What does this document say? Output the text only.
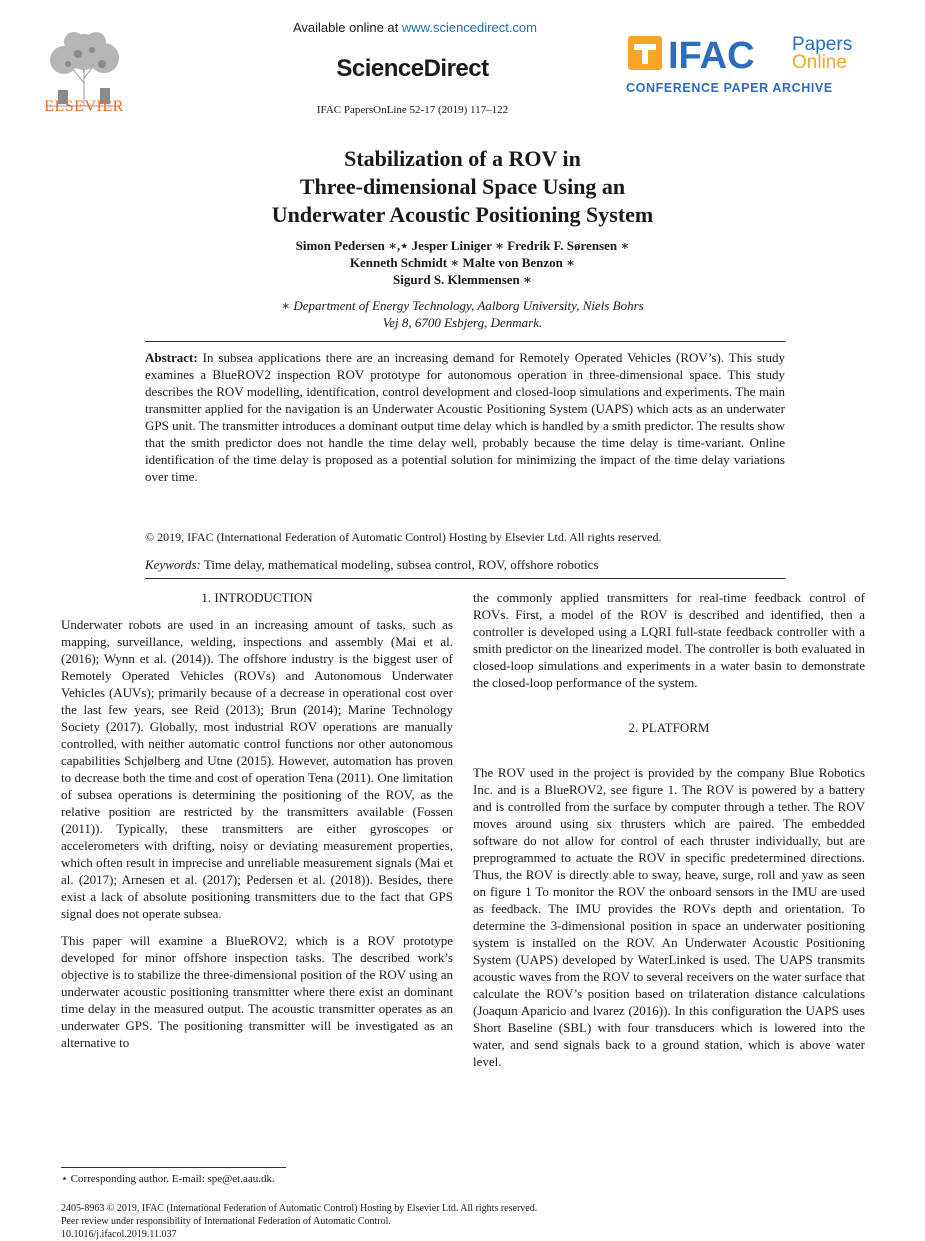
ELSEVIER
Available online at www.sciencedirect.com
ScienceDirect
IFAC PapersOnLine 52-17 (2019) 117–122
IFAC Papers
Online
CONFERENCE PAPER ARCHIVE
Stabilization of a ROV in
Three-dimensional Space Using an
Underwater Acoustic Positioning System
Simon Pedersen ∗,⋆ Jesper Liniger ∗ Fredrik F. Sørensen ∗
Kenneth Schmidt ∗ Malte von Benzon ∗
Sigurd S. Klemmensen ∗
∗ Department of Energy Technology, Aalborg University, Niels Bohrs
Vej 8, 6700 Esbjerg, Denmark.
Abstract: In subsea applications there are an increasing demand for Remotely Operated Vehicles (ROV’s). This study examines a BlueROV2 inspection ROV prototype for autonomous operation in three-dimensional space. This study describes the ROV modelling, identification, control development and closed-loop simulations and experiments. The main transmitter applied for the navigation is an Underwater Acoustic Positioning System (UAPS) which acts as an underwater GPS unit. The transmitter introduces a dominant output time delay which is handled by a smith predictor. The results show that the smith predictor does not handle the time delay well, probably because the time delay is time-variant. Online identification of the time delay is proposed as a potential solution for minimizing the impact of the time delay variations over time.
© 2019, IFAC (International Federation of Automatic Control) Hosting by Elsevier Ltd. All rights reserved.
Keywords: Time delay, mathematical modeling, subsea control, ROV, offshore robotics

1. INTRODUCTION

Underwater robots are used in an increasing amount of tasks, such as mapping, surveillance, welding, inspections and assembly (Mai et al. (2016); Wynn et al. (2014)). The offshore industry is the biggest user of Remotely Operated Vehicles (ROVs) and Autonomous Underwater Vehicles (AUVs); primarily because of a decrease in operational cost over the last few years, see Reid (2013); Brun (2014); Marine Technology Society (2017). Globally, most industrial ROV operations are manually controlled, with neither automatic control functions nor other autonomous capabilities Schjølberg and Utne (2015). However, automation has proven to decrease both the time and cost of operation Tena (2011). One limitation of subsea operations is determining the positioning of the ROV, as the relative position are restricted by the transmitters available (Fossen (2011)). Typically, these transmitters are either gyroscopes or accelerometers with drifting, noisy or deviating measurement properties, which often result in imprecise and unreliable measurement signals (Mai et al. (2017); Arnesen et al. (2017); Pedersen et al. (2018)). Besides, there exist a lack of absolute positioning transmitters due to the fact that GPS signal does not operate subsea.

This paper will examine a BlueROV2, which is a ROV prototype developed for minor offshore inspection tasks. The described work’s objective is to stabilize the three-dimensional position of the ROV using an underwater acoustic positioning transmitter where there exist an dominant time delay in the measured output. The acoustic transmitter operates as an underwater GPS. The positioning transmitter will be investigated as an alternative to

the commonly applied transmitters for real-time feedback control of ROVs. First, a model of the ROV is described and identified, then a controller is developed using a LQRI full-state feedback controller with a smith predictor on the linearized model. The controller is both evaluated in closed-loop simulations and experiments in a water basin to demonstrate the closed-loop performance of the system.

2. PLATFORM

The ROV used in the project is provided by the company Blue Robotics Inc. and is a BlueROV2, see figure 1. The ROV is powered by a battery and is controlled from the surface by computer through a tether. The ROV moves around using six thrusters which are paired. The embedded software do not allow for control of each thruster individually, but are preprogrammed to actuate the ROV in specific predetermined directions. Thus, the ROV is directly able to sway, heave, surge, roll and yaw as seen on figure 1 To monitor the ROV the onboard sensors in the IMU are used as feedback. The IMU provides the ROVs depth and orientation. To determine the 3-dimensional position in space an underwater positioning system is installed on the ROV. An Underwater Acoustic Positioning System (UAPS) developed by WaterLinked is used. The UAPS transmits acoustic waves from the ROV to several receivers on the water surface that calculate the ROV’s position based on trilateration distance calculations (Joaquın Aparicio and lvarez (2016)). In this configuration the UAPS uses Short Baseline (SBL) with four transducers which is lowered into the water, and send signals back to a ground station, which is above water level.

⋆ Corresponding author. E-mail: spe@et.aau.dk.
2405-8963 © 2019, IFAC (International Federation of Automatic Control) Hosting by Elsevier Ltd. All rights reserved.
Peer review under responsibility of International Federation of Automatic Control.
10.1016/j.ifacol.2019.11.037
